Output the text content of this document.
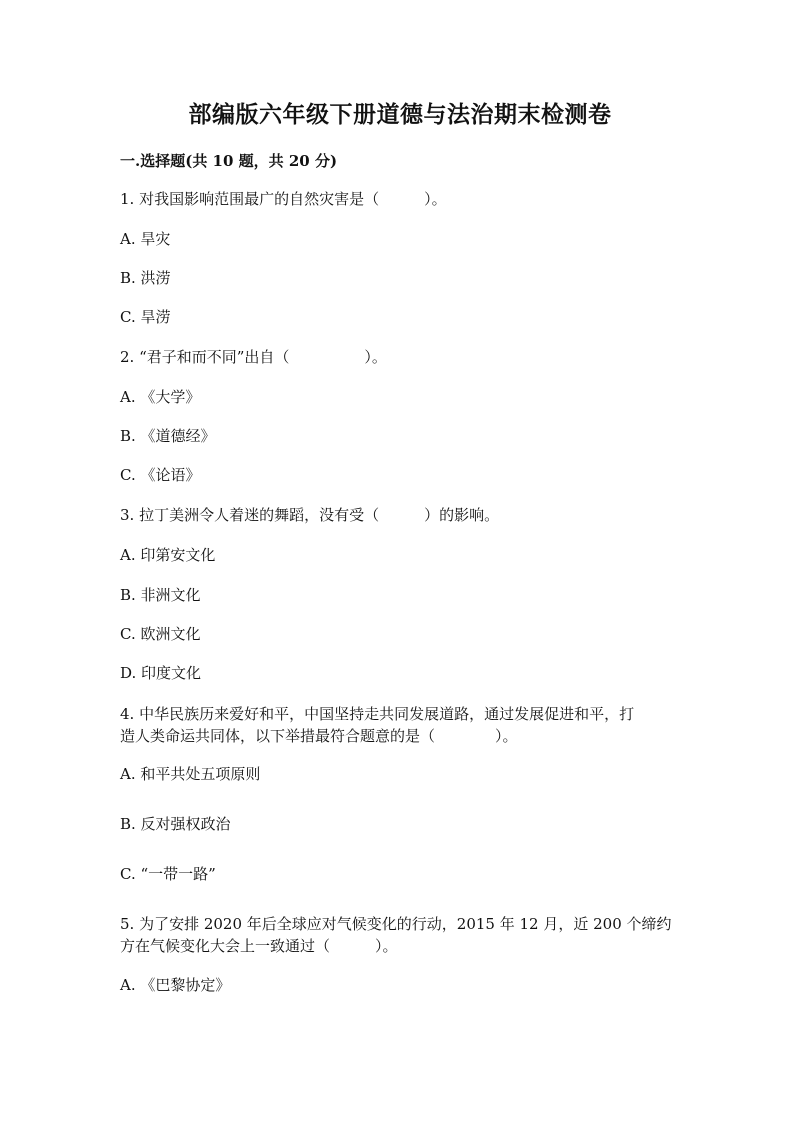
部编版六年级下册道德与法治期末检测卷
一.选择题(共 10 题，共 20 分)
1. 对我国影响范围最广的自然灾害是（　　　）。
A. 旱灾
B. 洪涝
C. 旱涝
2. “君子和而不同”出自（　　　　　）。
A. 《大学》
B. 《道德经》
C. 《论语》
3. 拉丁美洲令人着迷的舞蹈，没有受（　　　）的影响。
A. 印第安文化
B. 非洲文化
C. 欧洲文化
D. 印度文化
4. 中华民族历来爱好和平，中国坚持走共同发展道路，通过发展促进和平，打
造人类命运共同体，以下举措最符合题意的是（　　　　）。
A. 和平共处五项原则
B. 反对强权政治
C. “一带一路”
5. 为了安排 2020 年后全球应对气候变化的行动，2015 年 12 月，近 200 个缔约
方在气候变化大会上一致通过（　　　）。
A. 《巴黎协定》
